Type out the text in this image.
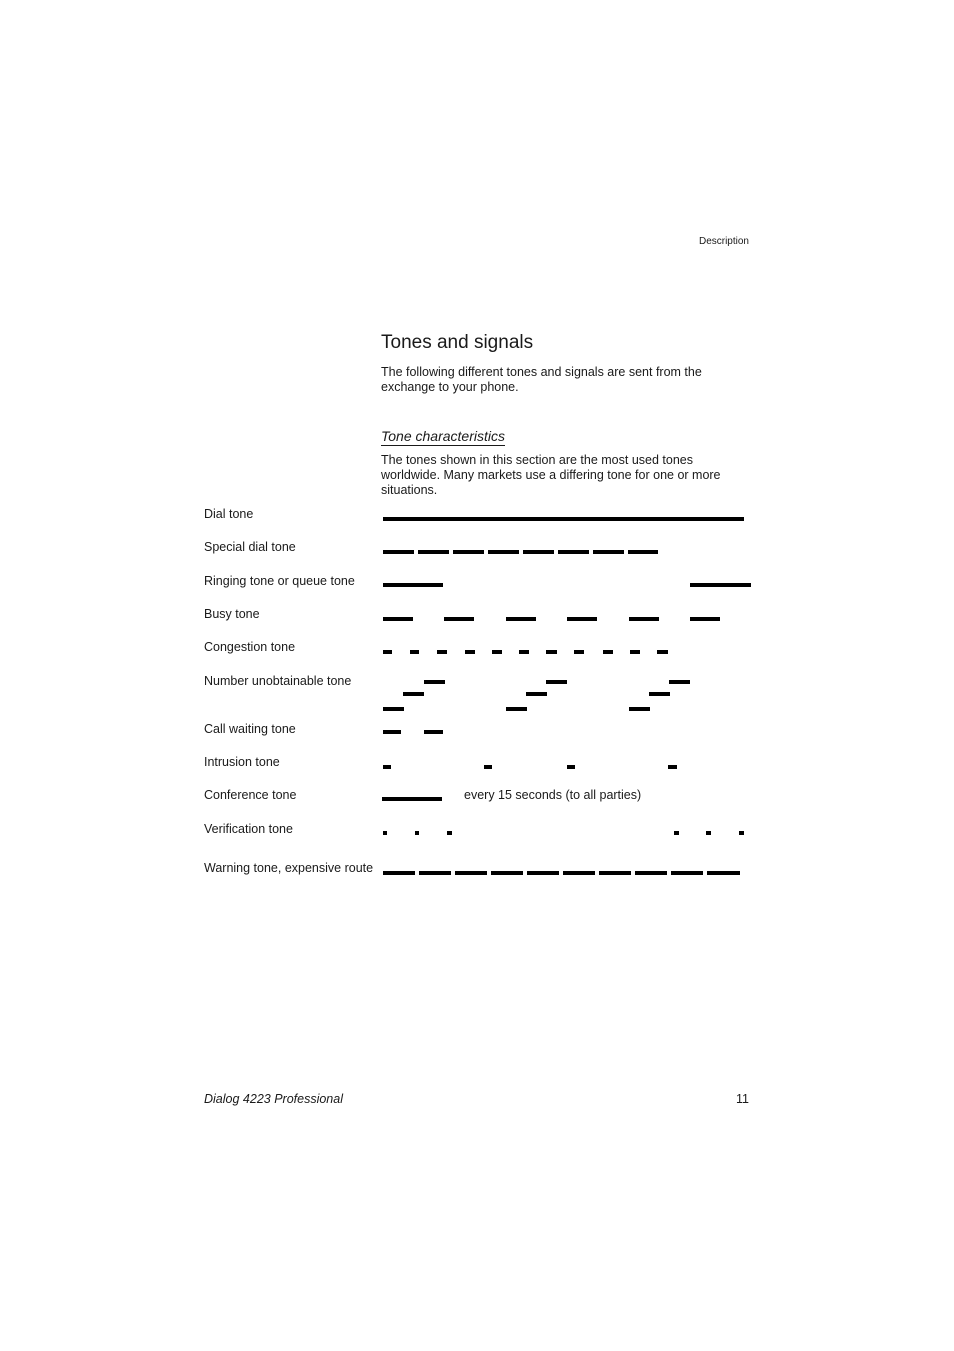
Description
Tones and signals

The following different tones and signals are sent from the exchange to your phone.

Tone characteristics

The tones shown in this section are the most used tones worldwide. Many markets use a differing tone for one or more situations.

Dial tone
Special dial tone
Ringing tone or queue tone
Busy tone
Congestion tone
Number unobtainable tone
Call waiting tone
Intrusion tone
Conference tone
Verification tone
Warning tone, expensive route
every 15 seconds (to all parties)
Dialog 4223 Professional	11
